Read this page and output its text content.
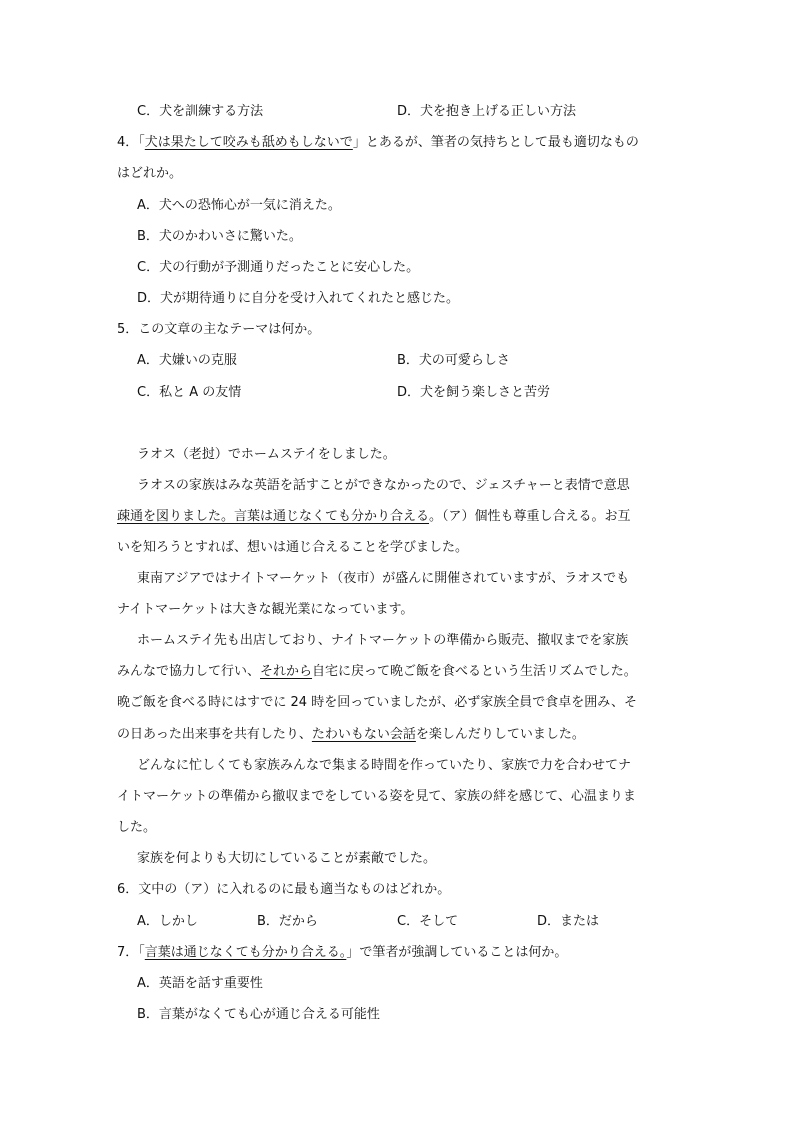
C．犬を訓練する方法	D．犬を抱き上げる正しい方法
4．「犬は果たして咬みも舐めもしないで」とあるが、筆者の気持ちとして最も適切なもの
はどれか。
A．犬への恐怖心が一気に消えた。
B．犬のかわいさに驚いた。
C．犬の行動が予測通りだったことに安心した。
D．犬が期待通りに自分を受け入れてくれたと感じた。
5．この文章の主なテーマは何か。
A．犬嫌いの克服	B．犬の可愛らしさ
C．私と A の友情	D．犬を飼う楽しさと苦労
ラオス（老挝）でホームステイをしました。
ラオスの家族はみな英語を話すことができなかったので、ジェスチャーと表情で意思
疎通を図りました。言葉は通じなくても分かり合える。（ア）個性も尊重し合える。お互
いを知ろうとすれば、想いは通じ合えることを学びました。
東南アジアではナイトマーケット（夜市）が盛んに開催されていますが、ラオスでも
ナイトマーケットは大きな観光業になっています。
ホームステイ先も出店しており、ナイトマーケットの準備から販売、撤収までを家族
みんなで協力して行い、それから自宅に戻って晩ご飯を食べるという生活リズムでした。
晩ご飯を食べる時にはすでに 24 時を回っていましたが、必ず家族全員で食卓を囲み、そ
の日あった出来事を共有したり、たわいもない会話を楽しんだりしていました。
どんなに忙しくても家族みんなで集まる時間を作っていたり、家族で力を合わせてナ
イトマーケットの準備から撤収までをしている姿を見て、家族の絆を感じて、心温まりま
した。
家族を何よりも大切にしていることが素敵でした。
6．文中の（ア）に入れるのに最も適当なものはどれか。
A．しかし	B．だから	C．そして	D．または
7．「言葉は通じなくても分かり合える。」で筆者が強調していることは何か。
A．英語を話す重要性
B．言葉がなくても心が通じ合える可能性
